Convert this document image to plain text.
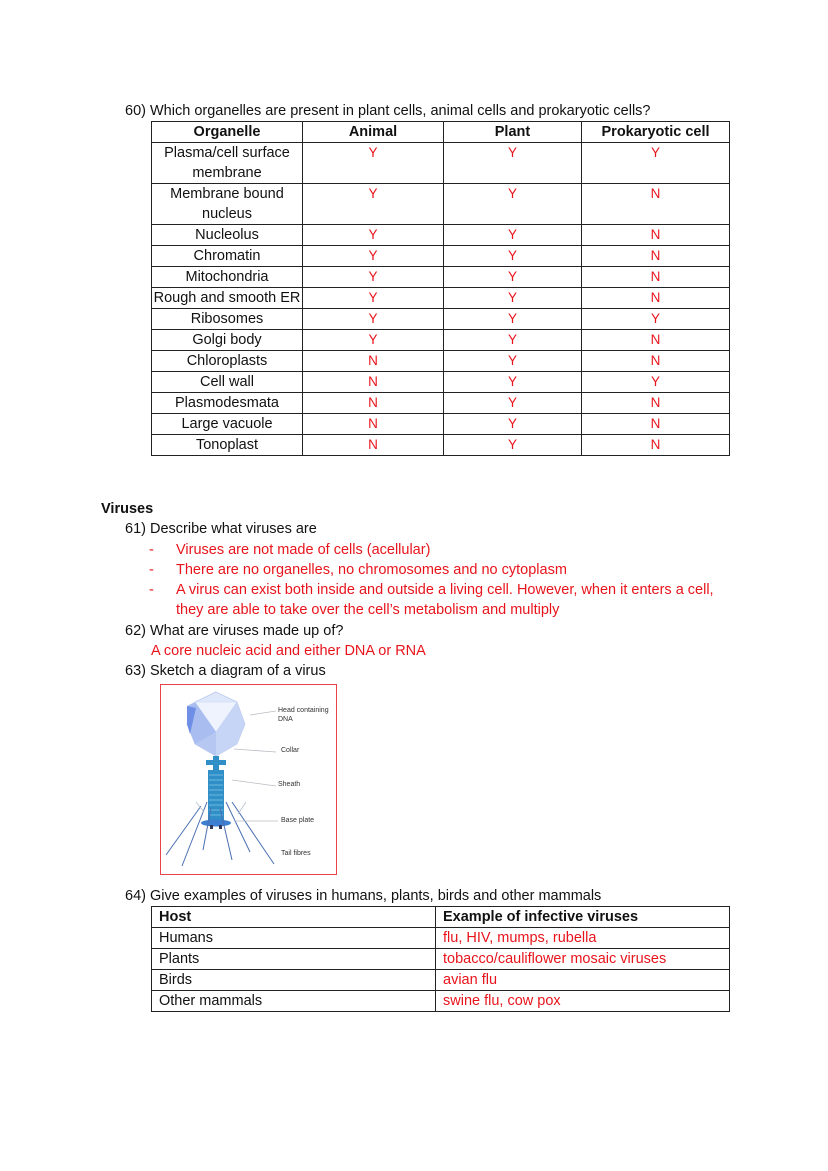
60) Which organelles are present in plant cells, animal cells and prokaryotic cells?
Organelle	Animal	Plant	Prokaryotic cell
Plasma/cell surface membrane	Y	Y	Y
Membrane bound nucleus	Y	Y	N
Nucleolus	Y	Y	N
Chromatin	Y	Y	N
Mitochondria	Y	Y	N
Rough and smooth ER	Y	Y	N
Ribosomes	Y	Y	Y
Golgi body	Y	Y	N
Chloroplasts	N	Y	N
Cell wall	N	Y	Y
Plasmodesmata	N	Y	N
Large vacuole	N	Y	N
Tonoplast	N	Y	N
Viruses
61) Describe what viruses are
- Viruses are not made of cells (acellular)
- There are no organelles, no chromosomes and no cytoplasm
- A virus can exist both inside and outside a living cell. However, when it enters a cell, they are able to take over the cell’s metabolism and multiply
62) What are viruses made up of?
A core nucleic acid and either DNA or RNA
63) Sketch a diagram of a virus
Head containing
DNA
Collar
Sheath
Base plate
Tail fibres
64) Give examples of viruses in humans, plants, birds and other mammals
Host	Example of infective viruses
Humans	flu, HIV, mumps, rubella
Plants	tobacco/cauliflower mosaic viruses
Birds	avian flu
Other mammals	swine flu, cow pox
